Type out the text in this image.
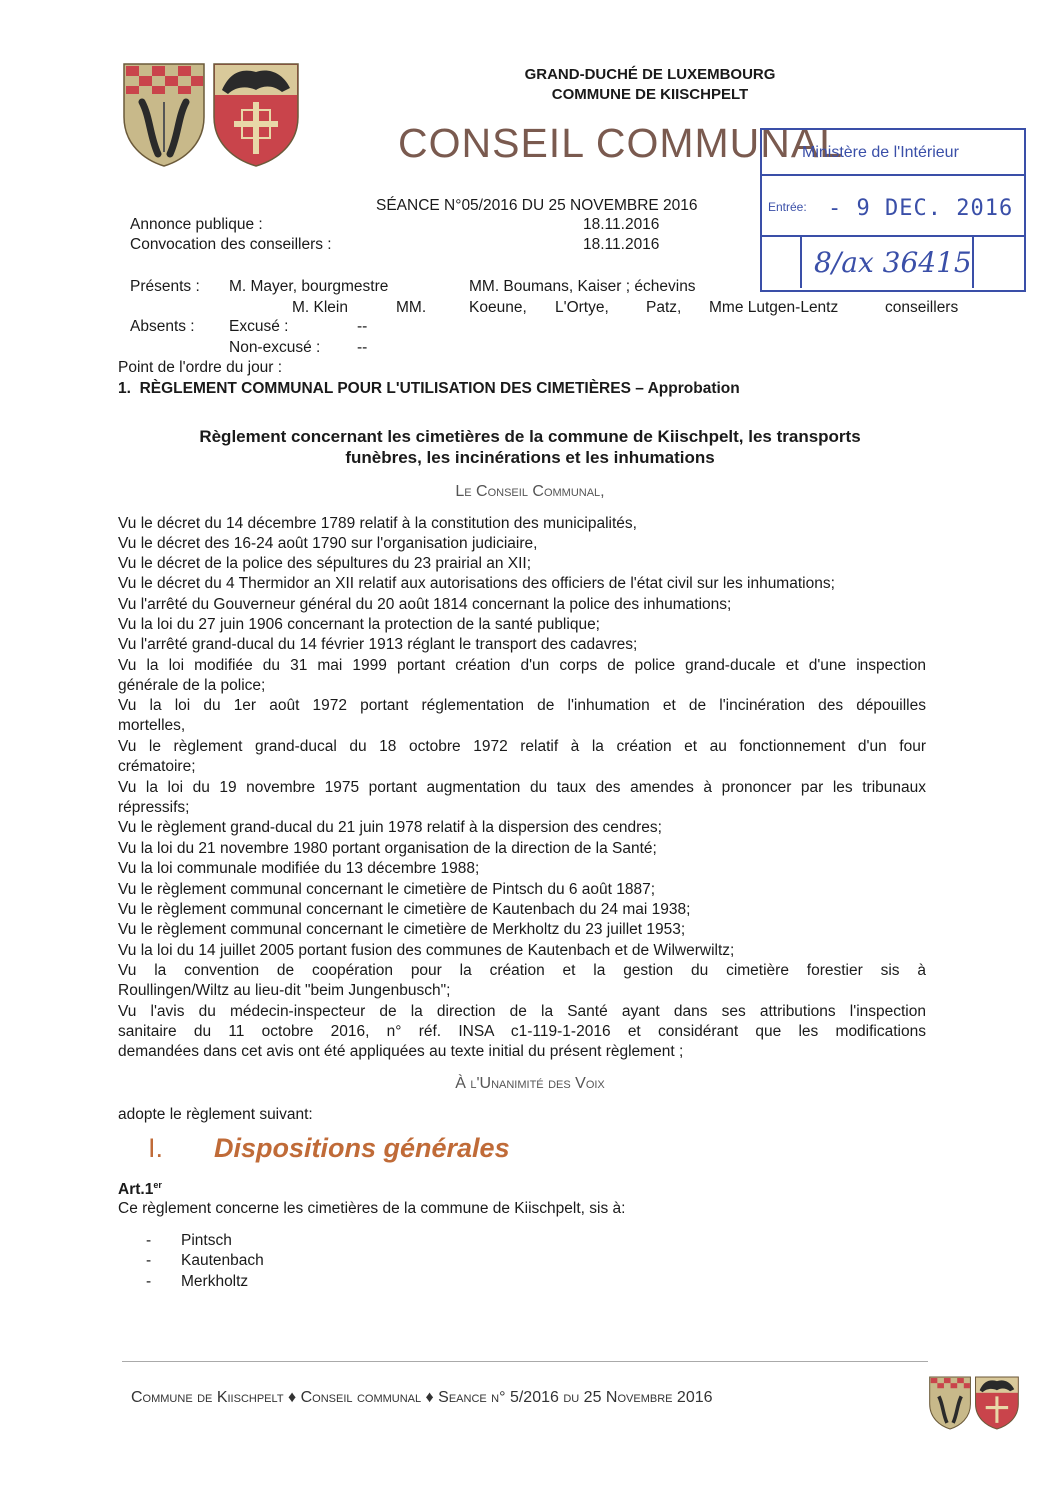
GRAND-DUCHÉ DE LUXEMBOURG
COMMUNE DE KIISCHPELT
CONSEIL COMMUNAL
Ministère de l'Intérieur
Entrée: - 9 DEC. 2016
8/ax 36415
SÉANCE N°05/2016 DU 25 NOVEMBRE 2016
Annonce publique :	18.11.2016
Convocation des conseillers :	18.11.2016
Présents : M. Mayer, bourgmestre	MM. Boumans, Kaiser ; échevins
M. Klein	MM.	Koeune, L'Ortye, Patz, Mme Lutgen-Lentz	conseillers
Absents : Excusé :	--
Non-excusé : --
Point de l'ordre du jour :
1. RÈGLEMENT COMMUNAL POUR L'UTILISATION DES CIMETIÈRES – Approbation
Règlement concernant les cimetières de la commune de Kiischpelt, les transports
funèbres, les incinérations et les inhumations
Le Conseil Communal,
Vu le décret du 14 décembre 1789 relatif à la constitution des municipalités,
Vu le décret des 16-24 août 1790 sur l'organisation judiciaire,
Vu le décret de la police des sépultures du 23 prairial an XII;
Vu le décret du 4 Thermidor an XII relatif aux autorisations des officiers de l'état civil sur les inhumations;
Vu l'arrêté du Gouverneur général du 20 août 1814 concernant la police des inhumations;
Vu la loi du 27 juin 1906 concernant la protection de la santé publique;
Vu l'arrêté grand-ducal du 14 février 1913 réglant le transport des cadavres;
Vu la loi modifiée du 31 mai 1999 portant création d'un corps de police grand-ducale et d'une inspection
générale de la police;
Vu la loi du 1er août 1972 portant réglementation de l'inhumation et de l'incinération des dépouilles
mortelles,
Vu le règlement grand-ducal du 18 octobre 1972 relatif à la création et au fonctionnement d'un four
crématoire;
Vu la loi du 19 novembre 1975 portant augmentation du taux des amendes à prononcer par les tribunaux
répressifs;
Vu le règlement grand-ducal du 21 juin 1978 relatif à la dispersion des cendres;
Vu la loi du 21 novembre 1980 portant organisation de la direction de la Santé;
Vu la loi communale modifiée du 13 décembre 1988;
Vu le règlement communal concernant le cimetière de Pintsch du 6 août 1887;
Vu le règlement communal concernant le cimetière de Kautenbach du 24 mai 1938;
Vu le règlement communal concernant le cimetière de Merkholtz du 23 juillet 1953;
Vu la loi du 14 juillet 2005 portant fusion des communes de Kautenbach et de Wilwerwiltz;
Vu la convention de coopération pour la création et la gestion du cimetière forestier sis à
Roullingen/Wiltz au lieu-dit "beim Jungenbusch";
Vu l'avis du médecin-inspecteur de la direction de la Santé ayant dans ses attributions l'inspection
sanitaire du 11 octobre 2016, n° réf. INSA c1-119-1-2016 et considérant que les modifications
demandées dans cet avis ont été appliquées au texte initial du présent règlement ;
À l'Unanimité des Voix
adopte le règlement suivant:
I. Dispositions générales
Art.1er
Ce règlement concerne les cimetières de la commune de Kiischpelt, sis à:
- Pintsch
- Kautenbach
- Merkholtz
Commune de Kiischpelt ♦ Conseil communal ♦ Seance n° 5/2016 du 25 Novembre 2016
